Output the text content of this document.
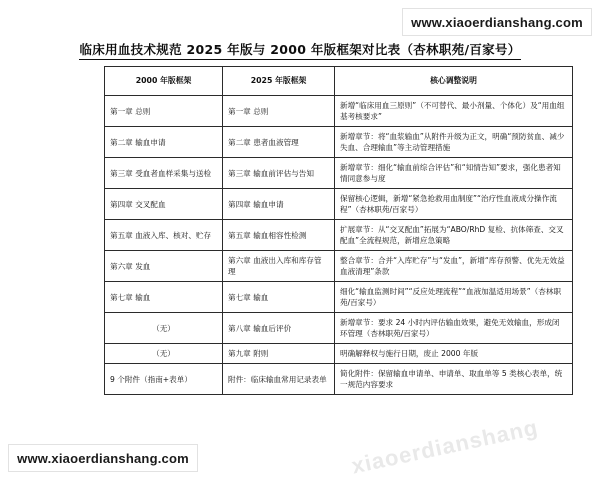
xiaoerdianshang
临床用血技术规范 2025 年版与 2000 年版框架对比表（杏林职苑/百家号）
2000 年版框架	2025 年版框架	核心调整说明
第一章 总则	第一章 总则	新增“临床用血三原则”（不可替代、最小剂量、个体化）及“用血组基考核要求”
第二章 输血申请	第二章 患者血液管理	新增章节：将“血浆输血”从附件升级为正文，明确“预防贫血、减少失血、合理输血”等主动管理措施
第三章 受血者血样采集与送检	第三章 输血前评估与告知	新增章节：细化“输血前综合评估”和“知情告知”要求，强化患者知情同意参与度
第四章 交叉配血	第四章 输血申请	保留核心逻辑，新增“紧急抢救用血制度”“治疗性血液成分操作流程”（杏林职苑/百家号）
第五章 血液入库、核对、贮存	第五章 输血相容性检测	扩展章节：从“交叉配血”拓展为“ABO/RhD 复检、抗体筛查、交叉配血”全流程规范，新增应急策略
第六章 发血	第六章 血液出入库和库存管理	整合章节：合并“入库贮存”与“发血”，新增“库存预警、优先无效益血液清理”条款
第七章 输血	第七章 输血	细化“输血监测时间”“反应处理流程”“血液加温适用场景”（杏林职苑/百家号）
（无）	第八章 输血后评价	新增章节：要求 24 小时内评估输血效果，避免无效输血，形成闭环管理（杏林职苑/百家号）
（无）	第九章 附则	明确解释权与施行日期，废止 2000 年版
9 个附件（指南+表单）	附件：临床输血常用记录表单	简化附件：保留输血申请单、申请单、取血单等 5 类核心表单，统一规范内容要求
www.xiaoerdianshang.com
www.xiaoerdianshang.com
